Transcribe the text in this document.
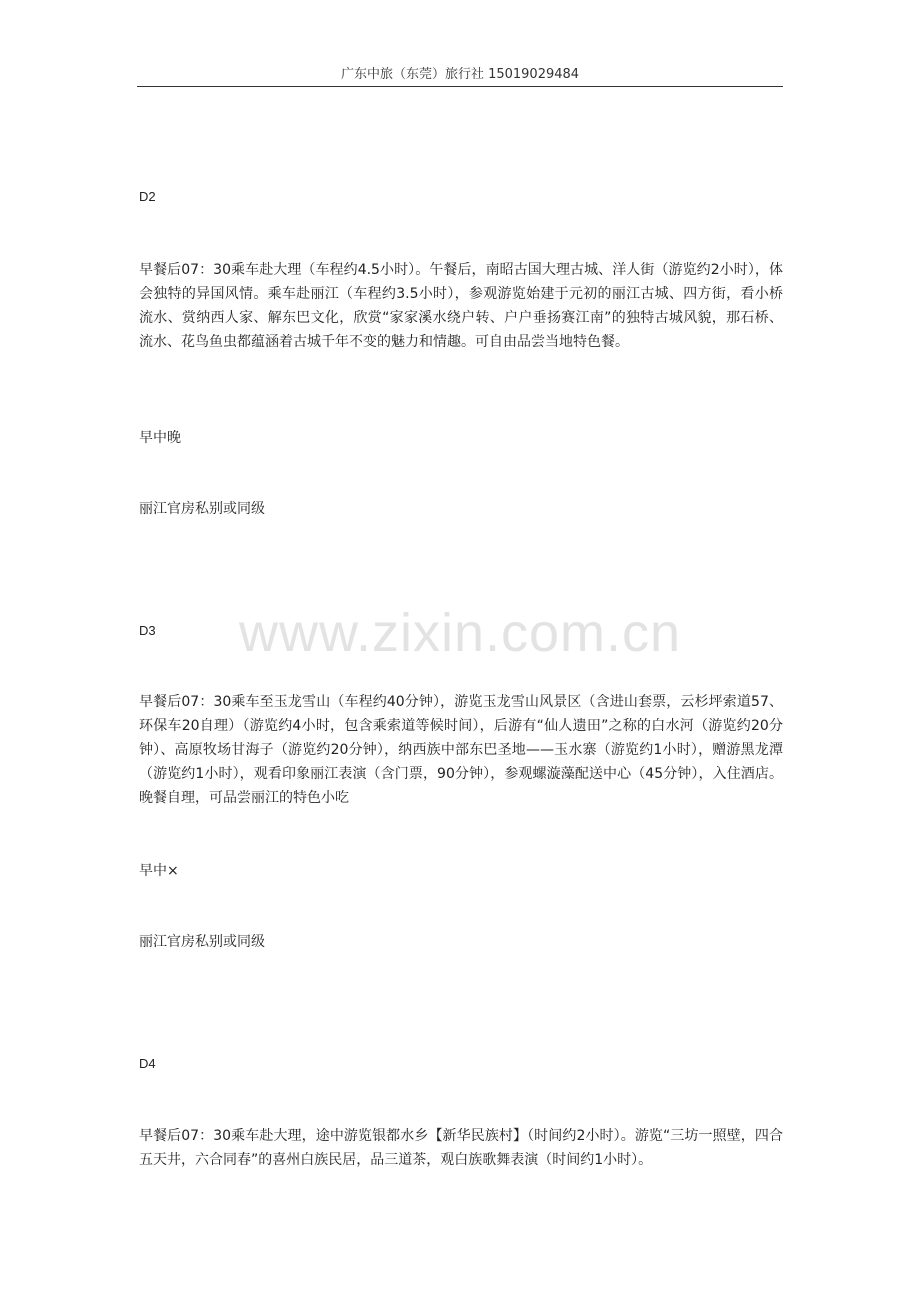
广东中旅（东莞）旅行社 15019029484
www.zixin.com.cn
D2
早餐后07：30乘车赴大理（车程约4.5小时）。午餐后，南昭古国大理古城、洋人街（游览约2小时），体会独特的异国风情。乘车赴丽江（车程约3.5小时），参观游览始建于元初的丽江古城、四方街，看小桥流水、赏纳西人家、解东巴文化，欣赏“家家溪水绕户转、户户垂扬赛江南”的独特古城风貌，那石桥、流水、花鸟鱼虫都蕴涵着古城千年不变的魅力和情趣。可自由品尝当地特色餐。
早中晚
丽江官房私别或同级
D3
早餐后07：30乘车至玉龙雪山（车程约40分钟），游览玉龙雪山风景区（含进山套票，云杉坪索道57、环保车20自理）（游览约4小时，包含乘索道等候时间），后游有“仙人遗田”之称的白水河（游览约20分钟）、高原牧场甘海子（游览约20分钟），纳西族中部东巴圣地——玉水寨（游览约1小时），赠游黑龙潭（游览约1小时），观看印象丽江表演（含门票，90分钟），参观螺漩藻配送中心（45分钟），入住酒店。晚餐自理，可品尝丽江的特色小吃
早中×
丽江官房私别或同级
D4
早餐后07：30乘车赴大理，途中游览银都水乡【新华民族村】（时间约2小时）。游览“三坊一照壁，四合五天井，六合同春”的喜州白族民居，品三道茶，观白族歌舞表演（时间约1小时）。
